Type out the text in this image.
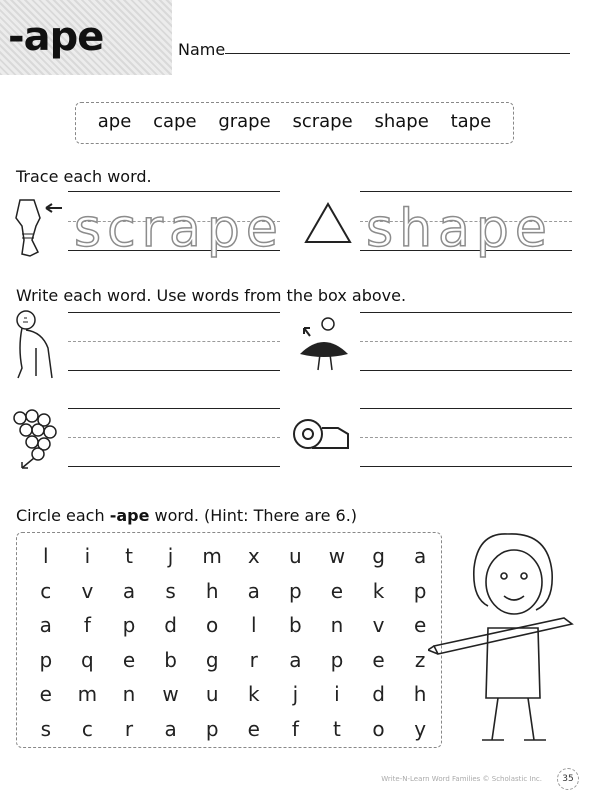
-ape	Name
ape cape grape scrape shape tape
Trace each word.
scrape shape
Write each word. Use words from the box above.
Circle each -ape word. (Hint: There are 6.)
l	i	t	j	m	x	u	w	g	a
c	v	a	s	h	a	p	e	k	p
a	f	p	d	o	l	b	n	v	e
p	q	e	b	g	r	a	p	e	z
e	m	n	w	u	k	j	i	d	h
s	c	r	a	p	e	f	t	o	y
Write-N-Learn Word Families © Scholastic Inc.	35
